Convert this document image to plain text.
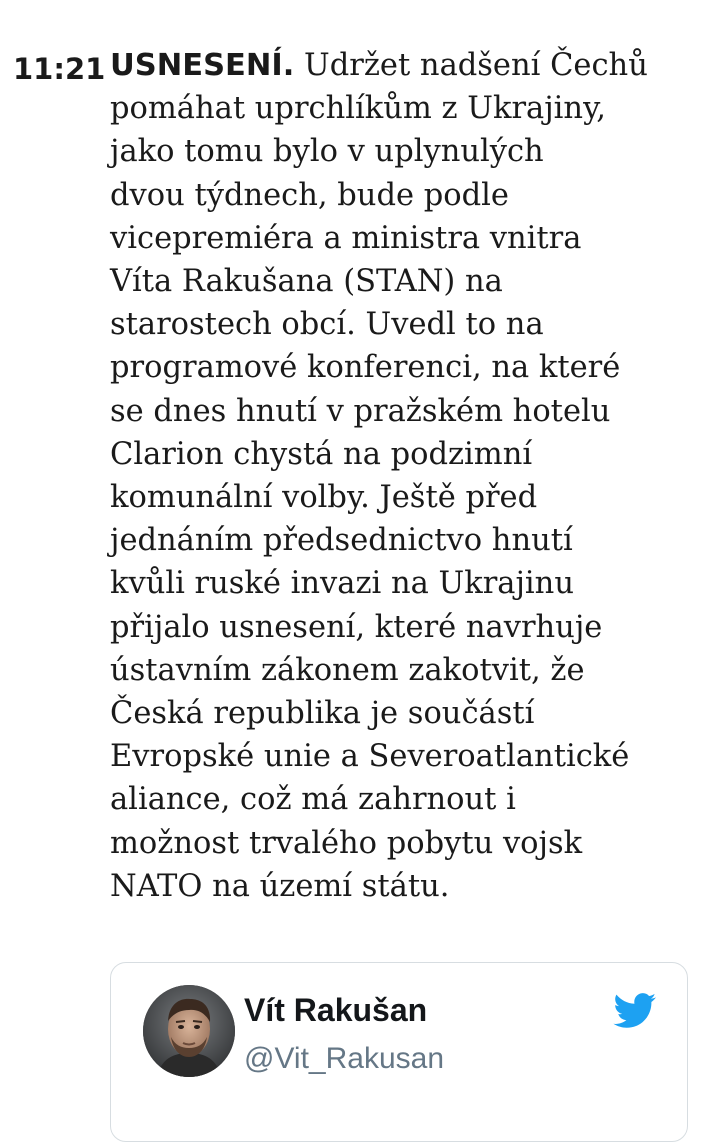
11:21 USNESENÍ. Udržet nadšení Čechů
pomáhat uprchlíkům z Ukrajiny,
jako tomu bylo v uplynulých
dvou týdnech, bude podle
vicepremiéra a ministra vnitra
Víta Rakušana (STAN) na
starostech obcí. Uvedl to na
programové konferenci, na které
se dnes hnutí v pražském hotelu
Clarion chystá na podzimní
komunální volby. Ještě před
jednáním předsednictvo hnutí
kvůli ruské invazi na Ukrajinu
přijalo usnesení, které navrhuje
ústavním zákonem zakotvit, že
Česká republika je součástí
Evropské unie a Severoatlantické
aliance, což má zahrnout i
možnost trvalého pobytu vojsk
NATO na území státu.

Vít Rakušan
@Vit_Rakusan
